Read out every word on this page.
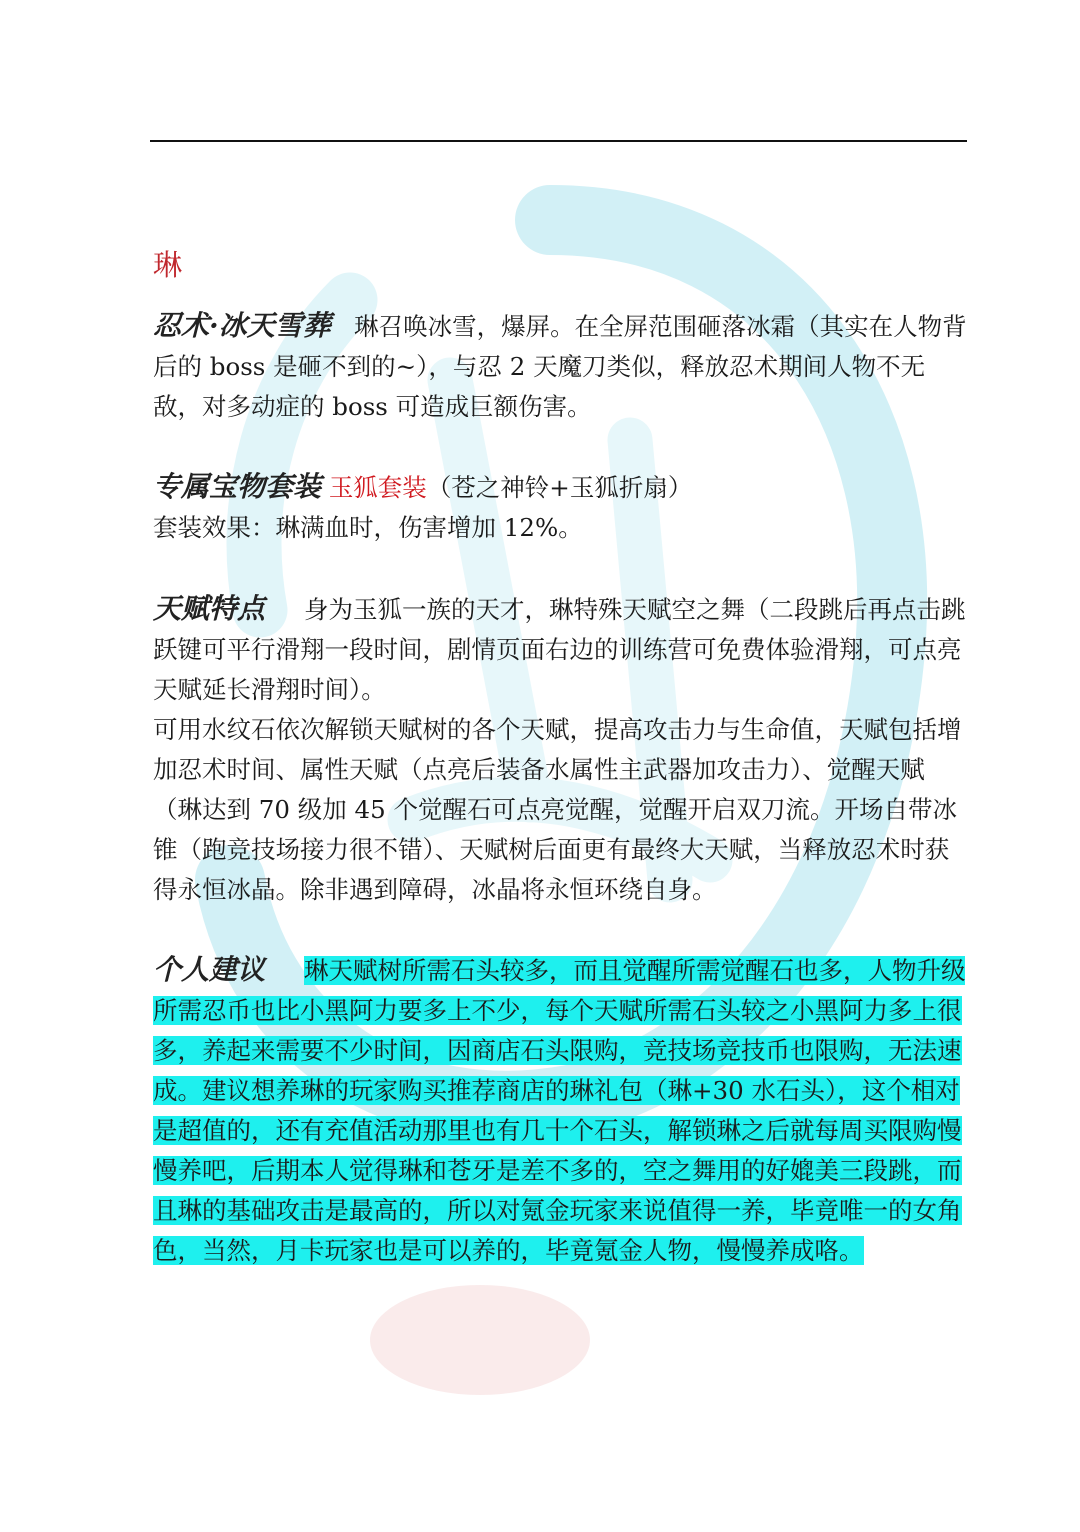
琳
忍术·冰天雪葬 琳召唤冰雪，爆屏。在全屏范围砸落冰霜（其实在人物背后的 boss 是砸不到的~），与忍 2 天魔刀类似，释放忍术期间人物不无敌，对多动症的 boss 可造成巨额伤害。
专属宝物套装 玉狐套装（苍之神铃+玉狐折扇）
套装效果：琳满血时，伤害增加 12%。
天赋特点 身为玉狐一族的天才，琳特殊天赋空之舞（二段跳后再点击跳跃键可平行滑翔一段时间，剧情页面右边的训练营可免费体验滑翔，可点亮天赋延长滑翔时间）。
可用水纹石依次解锁天赋树的各个天赋，提高攻击力与生命值，天赋包括增加忍术时间、属性天赋（点亮后装备水属性主武器加攻击力）、觉醒天赋（琳达到 70 级加 45 个觉醒石可点亮觉醒，觉醒开启双刀流。开场自带冰锥（跑竞技场接力很不错）、天赋树后面更有最终大天赋，当释放忍术时获得永恒冰晶。除非遇到障碍，冰晶将永恒环绕自身。
个人建议 琳天赋树所需石头较多，而且觉醒所需觉醒石也多，人物升级所需忍币也比小黑阿力要多上不少，每个天赋所需石头较之小黑阿力多上很多，养起来需要不少时间，因商店石头限购，竞技场竞技币也限购，无法速成。建议想养琳的玩家购买推荐商店的琳礼包（琳+30 水石头），这个相对是超值的，还有充值活动那里也有几十个石头，解锁琳之后就每周买限购慢慢养吧，后期本人觉得琳和苍牙是差不多的，空之舞用的好媲美三段跳，而且琳的基础攻击是最高的，所以对氪金玩家来说值得一养，毕竟唯一的女角色，当然，月卡玩家也是可以养的，毕竟氪金人物，慢慢养成咯。
